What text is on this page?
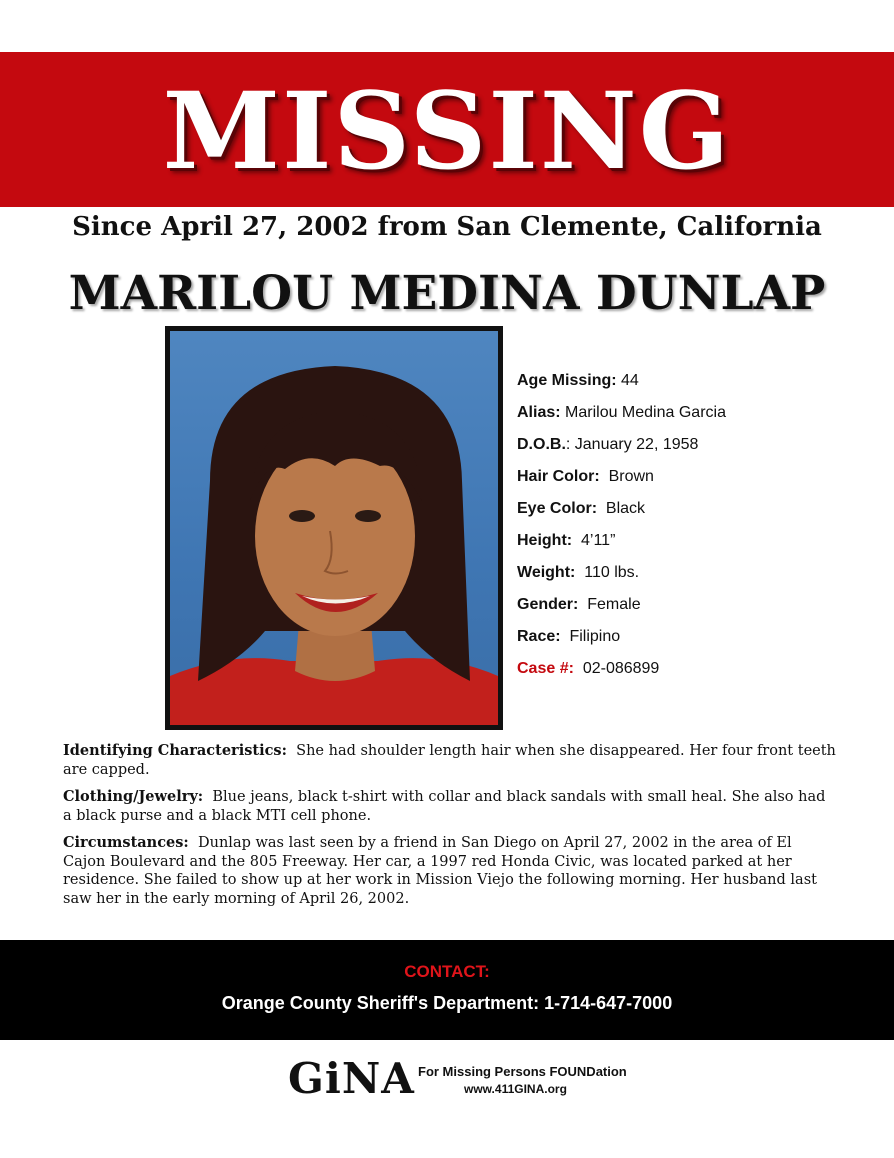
MISSING
Since April 27, 2002 from San Clemente, California
MARILOU MEDINA DUNLAP
Age Missing: 44
Alias: Marilou Medina Garcia
D.O.B.: January 22, 1958
Hair Color:  Brown
Eye Color:  Black
Height:  4’11”
Weight:  110 lbs.
Gender:  Female
Race:  Filipino
Case #:  02-086899

Identifying Characteristics:  She had shoulder length hair when she disappeared. Her four front teeth are capped.

Clothing/Jewelry:  Blue jeans, black t-shirt with collar and black sandals with small heal. She also had a black purse and a black MTI cell phone.

Circumstances:  Dunlap was last seen by a friend in San Diego on April 27, 2002 in the area of El Cajon Boulevard and the 805 Freeway. Her car, a 1997 red Honda Civic, was located parked at her residence. She failed to show up at her work in Mission Viejo the following morning. Her husband last saw her in the early morning of April 26, 2002.

CONTACT:
Orange County Sheriff's Department: 1-714-647-7000
GiNA For Missing Persons FOUNDation
www.411GINA.org
